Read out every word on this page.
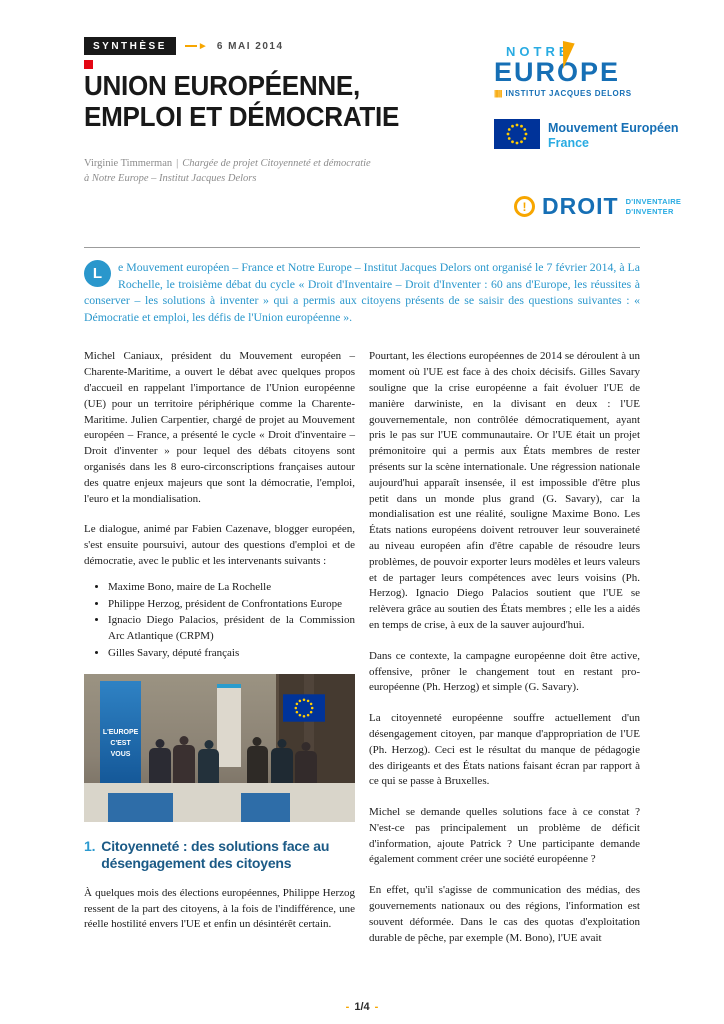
SYNTHÈSE	► 6 MAI 2014
UNION EUROPÉENNE,
EMPLOI ET DÉMOCRATIE
Virginie Timmerman | Chargée de projet Citoyenneté et démocratie
à Notre Europe – Institut Jacques Delors
NOTRE
EUROPE
|||||| INSTITUT JACQUES DELORS
Mouvement Européen
France
! DROIT D'INVENTAIRE
D'INVENTER
L	e Mouvement européen – France et Notre Europe – Institut Jacques Delors ont organisé le 7 février 2014, à La Rochelle, le troisième débat du cycle « Droit d'Inventaire – Droit d'Inventer : 60 ans d'Europe, les réussites à conserver – les solutions à inventer » qui a permis aux citoyens présents de se saisir des questions suivantes : « Démocratie et emploi, les défis de l'Union européenne ».

Michel Caniaux, président du Mouvement européen – Charente-Maritime, a ouvert le débat avec quelques propos d'accueil en rappelant l'importance de l'Union européenne (UE) pour un territoire périphérique comme la Charente-Maritime. Julien Carpentier, chargé de projet au Mouvement européen – France, a présenté le cycle « Droit d'inventaire – Droit d'inventer » pour lequel des débats citoyens sont organisés dans les 8 euro-circonscriptions françaises autour des quatre enjeux majeurs que sont la démocratie, l'emploi, l'euro et la mondialisation.

Le dialogue, animé par Fabien Cazenave, blogger européen, s'est ensuite poursuivi, autour des questions d'emploi et de démocratie, avec le public et les intervenants suivants :

• Maxime Bono, maire de La Rochelle
• Philippe Herzog, président de Confrontations Europe
• Ignacio Diego Palacios, président de la Commission Arc Atlantique (CRPM)
• Gilles Savary, député français
L'EUROPE C'EST VOUS
1. Citoyenneté : des solutions face au désengagement des citoyens

À quelques mois des élections européennes, Philippe Herzog ressent de la part des citoyens, à la fois de l'indifférence, une réelle hostilité envers l'UE et enfin un désintérêt certain.

Pourtant, les élections européennes de 2014 se déroulent à un moment où l'UE est face à des choix décisifs. Gilles Savary souligne que la crise européenne a fait évoluer l'UE de manière darwiniste, en la divisant en deux : l'UE gouvernementale, non contrôlée démocratiquement, ayant pris le pas sur l'UE communautaire. Or l'UE était un projet prémonitoire qui a permis aux États membres de rester présents sur la scène internationale. Une régression nationale aujourd'hui apparaît insensée, il est impossible d'être plus petit dans un monde plus grand (G. Savary), car la mondialisation est une réalité, souligne Maxime Bono. Les États nations européens doivent retrouver leur souveraineté au niveau européen afin d'être capable de résoudre leurs problèmes, de pouvoir exporter leurs modèles et leurs valeurs et de partager leurs compétences avec leurs voisins (Ph. Herzog). Ignacio Diego Palacios soutient que l'UE se relèvera grâce au soutien des États membres ; elle les a aidés en temps de crise, à eux de la sauver aujourd'hui.

Dans ce contexte, la campagne européenne doit être active, offensive, prôner le changement tout en restant pro-européenne (Ph. Herzog) et simple (G. Savary).

La citoyenneté européenne souffre actuellement d'un désengagement citoyen, par manque d'appropriation de l'UE (Ph. Herzog). Ceci est le résultat du manque de pédagogie des dirigeants et des États nations faisant écran par rapport à ce qui se passe à Bruxelles.

Michel se demande quelles solutions face à ce constat ? N'est-ce pas principalement un problème de déficit d'information, ajoute Patrick ? Une participante demande également comment créer une société européenne ?

En effet, qu'il s'agisse de communication des médias, des gouvernements nationaux ou des régions, l'information est souvent déformée. Dans le cas des quotas d'exploitation durable de pêche, par exemple (M. Bono), l'UE avait

- 1/4 -
